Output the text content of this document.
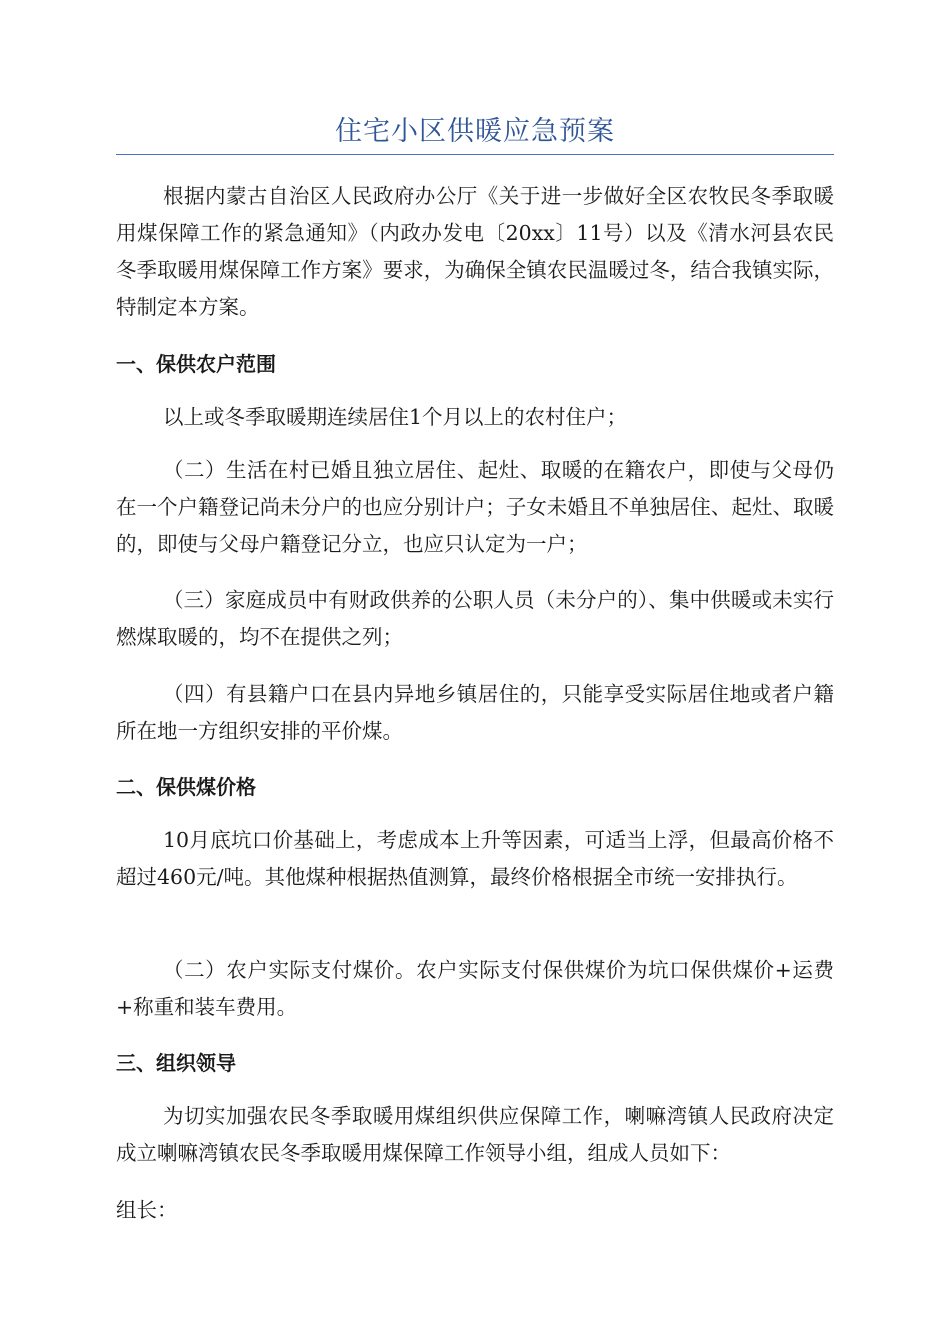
住宅小区供暖应急预案

根据内蒙古自治区人民政府办公厅《关于进一步做好全区农牧民冬季取暖用煤保障工作的紧急通知》（内政办发电〔20xx〕11号）以及《清水河县农民冬季取暖用煤保障工作方案》要求，为确保全镇农民温暖过冬，结合我镇实际，特制定本方案。

一、保供农户范围

以上或冬季取暖期连续居住1个月以上的农村住户；

（二）生活在村已婚且独立居住、起灶、取暖的在籍农户，即使与父母仍在一个户籍登记尚未分户的也应分别计户；子女未婚且不单独居住、起灶、取暖的，即使与父母户籍登记分立，也应只认定为一户；

（三）家庭成员中有财政供养的公职人员（未分户的）、集中供暖或未实行燃煤取暖的，均不在提供之列；

（四）有县籍户口在县内异地乡镇居住的，只能享受实际居住地或者户籍所在地一方组织安排的平价煤。

二、保供煤价格

10月底坑口价基础上，考虑成本上升等因素，可适当上浮，但最高价格不超过460元/吨。其他煤种根据热值测算，最终价格根据全市统一安排执行。

（二）农户实际支付煤价。农户实际支付保供煤价为坑口保供煤价+运费+称重和装车费用。

三、组织领导

为切实加强农民冬季取暖用煤组织供应保障工作，喇嘛湾镇人民政府决定成立喇嘛湾镇农民冬季取暖用煤保障工作领导小组，组成人员如下：

组长：
